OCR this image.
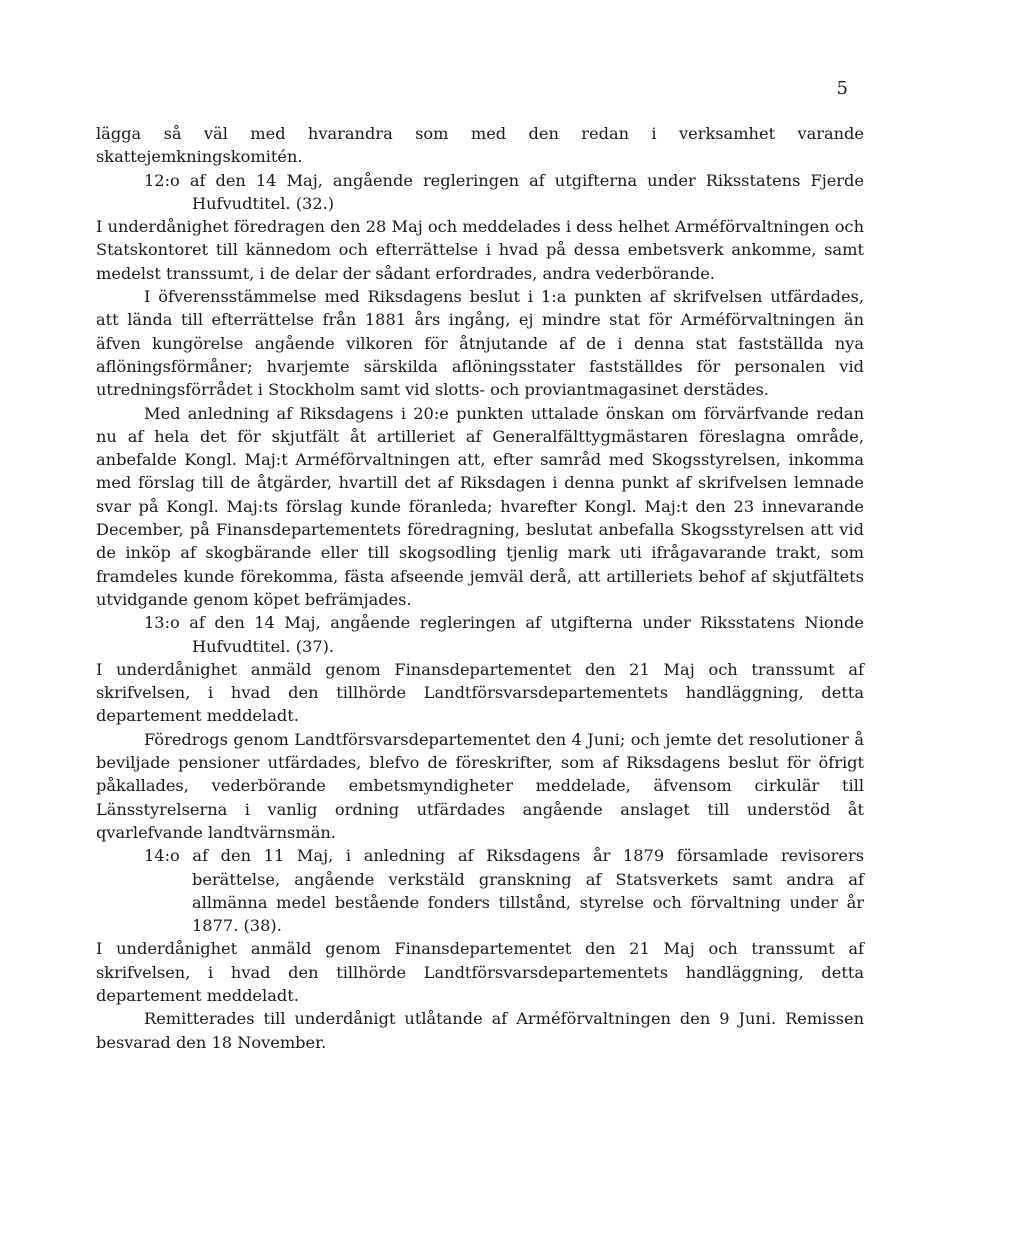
5

lägga så väl med hvarandra som med den redan i verksamhet varande skattejemkningskomitén.

12:o af den 14 Maj, angående regleringen af utgifterna under Riksstatens Fjerde Hufvudtitel. (32.)

I underdånighet föredragen den 28 Maj och meddelades i dess helhet Arméförvaltningen och Statskontoret till kännedom och efterrättelse i hvad på dessa embetsverk ankomme, samt medelst transsumt, i de delar der sådant erfordrades, andra vederbörande.

I öfverensstämmelse med Riksdagens beslut i 1:a punkten af skrifvelsen utfärdades, att lända till efterrättelse från 1881 års ingång, ej mindre stat för Arméförvaltningen än äfven kungörelse angående vilkoren för åtnjutande af de i denna stat fastställda nya aflöningsförmåner; hvarjemte särskilda aflöningsstater fastställdes för personalen vid utredningsförrådet i Stockholm samt vid slotts- och proviantmagasinet derstädes.

Med anledning af Riksdagens i 20:e punkten uttalade önskan om förvärfvande redan nu af hela det för skjutfält åt artilleriet af Generalfälttygmästaren föreslagna område, anbefalde Kongl. Maj:t Arméförvaltningen att, efter samråd med Skogsstyrelsen, inkomma med förslag till de åtgärder, hvartill det af Riksdagen i denna punkt af skrifvelsen lemnade svar på Kongl. Maj:ts förslag kunde föranleda; hvarefter Kongl. Maj:t den 23 innevarande December, på Finansdepartementets föredragning, beslutat anbefalla Skogsstyrelsen att vid de inköp af skogbärande eller till skogsodling tjenlig mark uti ifrågavarande trakt, som framdeles kunde förekomma, fästa afseende jemväl derå, att artilleriets behof af skjutfältets utvidgande genom köpet befrämjades.

13:o af den 14 Maj, angående regleringen af utgifterna under Riksstatens Nionde Hufvudtitel. (37).

I underdånighet anmäld genom Finansdepartementet den 21 Maj och transsumt af skrifvelsen, i hvad den tillhörde Landtförsvarsdepartementets handläggning, detta departement meddeladt.

Föredrogs genom Landtförsvarsdepartementet den 4 Juni; och jemte det resolutioner å beviljade pensioner utfärdades, blefvo de föreskrifter, som af Riksdagens beslut för öfrigt påkallades, vederbörande embetsmyndigheter meddelade, äfvensom cirkulär till Länsstyrelserna i vanlig ordning utfärdades angående anslaget till understöd åt qvarlefvande landtvärnsmän.

14:o af den 11 Maj, i anledning af Riksdagens år 1879 församlade revisorers berättelse, angående verkstäld granskning af Statsverkets samt andra af allmänna medel bestående fonders tillstånd, styrelse och förvaltning under år 1877. (38).

I underdånighet anmäld genom Finansdepartementet den 21 Maj och transsumt af skrifvelsen, i hvad den tillhörde Landtförsvarsdepartementets handläggning, detta departement meddeladt.

Remitterades till underdånigt utlåtande af Arméförvaltningen den 9 Juni. Remissen besvarad den 18 November.
